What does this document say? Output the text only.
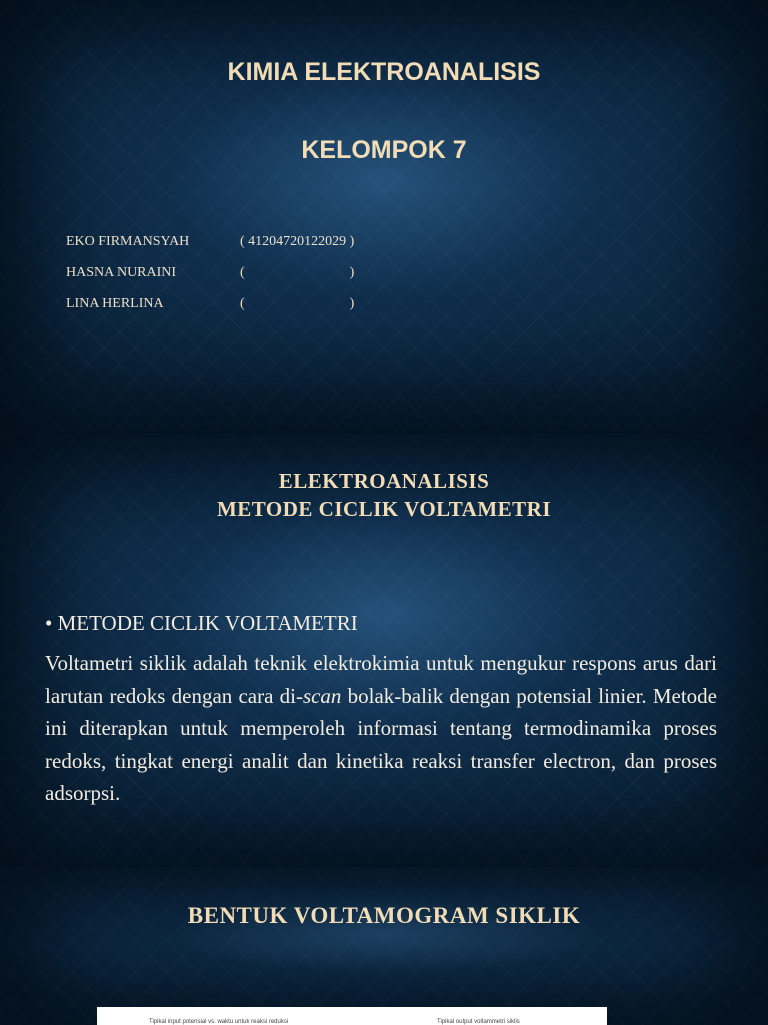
KIMIA ELEKTROANALISIS
KELOMPOK 7
EKO FIRMANSYAH	( 41204720122029 )
HASNA NURAINI	(                              )
LINA HERLINA	(                              )
ELEKTROANALISIS
METODE CICLIK VOLTAMETRI
• METODE CICLIK VOLTAMETRI

Voltametri siklik adalah teknik elektrokimia untuk mengukur respons arus dari larutan redoks dengan cara di-scan bolak-balik dengan potensial linier. Metode ini diterapkan untuk memperoleh informasi tentang termodinamika proses redoks, tingkat energi analit dan kinetika reaksi transfer electron, dan proses adsorpsi.

BENTUK VOLTAMOGRAM SIKLIK
Tipikal input potensial vs. waktu untuk reaksi reduksi	Tipikal output voltammetri siklis
